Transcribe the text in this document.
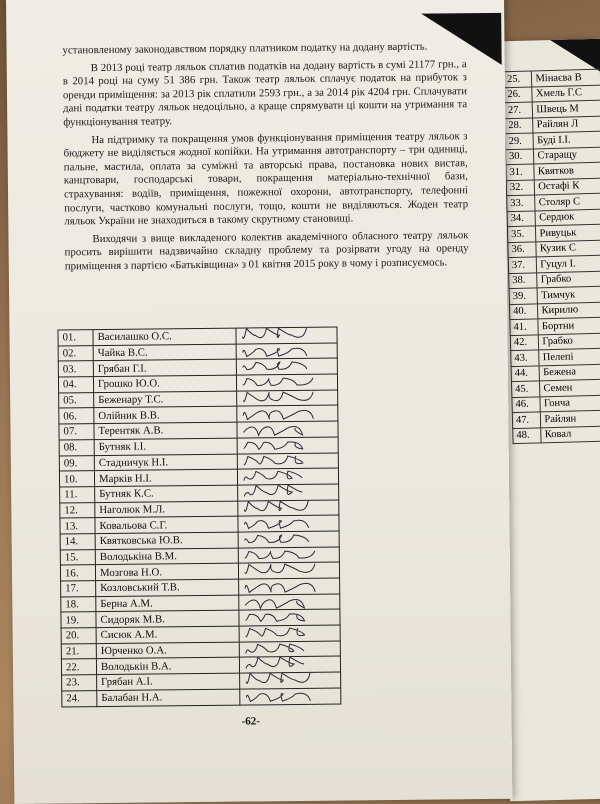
25.	Мінаєва В
26.	Хмель Г.С
27.	Швець М
28.	Райлян Л
29.	Буді І.І.
30.	Старащу
31.	Квятков
32.	Остафі К
33.	Столяр С
34.	Сердюк
35.	Ривуцьк
36.	Кузик С
37.	Гуцул І.
38.	Грабко
39.	Тимчук
40.	Кирилю
41.	Бортни
42.	Грабко
43.	Пелепі
44.	Бежена
45.	Семен
46.	Гонча
47.	Райлян
48.	Ковал

установленому законодавством порядку платником податку на додану вартість.

В 2013 році театр ляльок сплатив податків на додану вартість в сумі 21177 грн., а в 2014 році на суму 51 386 грн. Також театр ляльок сплачує податок на прибуток з оренди приміщення: за 2013 рік сплатили 2593 грн., а за 2014 рік 4204 грн. Сплачувати дані податки театру ляльок недоцільно, а краще спрямувати ці кошти на утримання та функціонування театру.

На підтримку та покращення умов функціонування приміщення театру ляльок з бюджету не виділяється жодної копійки. На утримання автотранспорту – три одиниці, пальне, мастила, оплата за суміжні та авторські права, постановка нових вистав, канцтовари, господарські товари, покращення матеріально-технічної бази, страхування: водіїв, приміщення, пожежної охорони, автотранспорту, телефонні послуги, частково комунальні послуги, тощо, кошти не виділяються. Жоден театр ляльок України не знаходиться в такому скрутному становищі.

Виходячи з вище викладеного колектив академічного обласного театру ляльок просить вирішити надзвичайно складну проблему та розірвати угоду на оренду приміщення з партією «Батьківщина» з 01 квітня 2015 року в чому і розписуємось.

01.	Василашко О.С.	

02.	Чайка В.С.	

03.	Грябан Г.І.	

04.	Грошко Ю.О.	

05.	Беженару Т.С.	

06.	Олійник В.В.	

07.	Терентяк А.В.	

08.	Бутняк І.І.	

09.	Стадничук Н.І.	

10.	Марків Н.І.	

11.	Бутняк К.С.	

12.	Наголюк М.Л.	

13.	Ковальова С.Г.	

14.	Квятковська Ю.В.	

15.	Володькіна В.М.	

16.	Мозгова Н.О.	

17.	Козловський Т.В.	

18.	Берна А.М.	

19.	Сидоряк М.В.	

20.	Сисюк А.М.	

21.	Юрченко О.А.	

22.	Володькін В.А.	

23.	Грябан А.І.	

24.	Балабан Н.А.	
-62-
